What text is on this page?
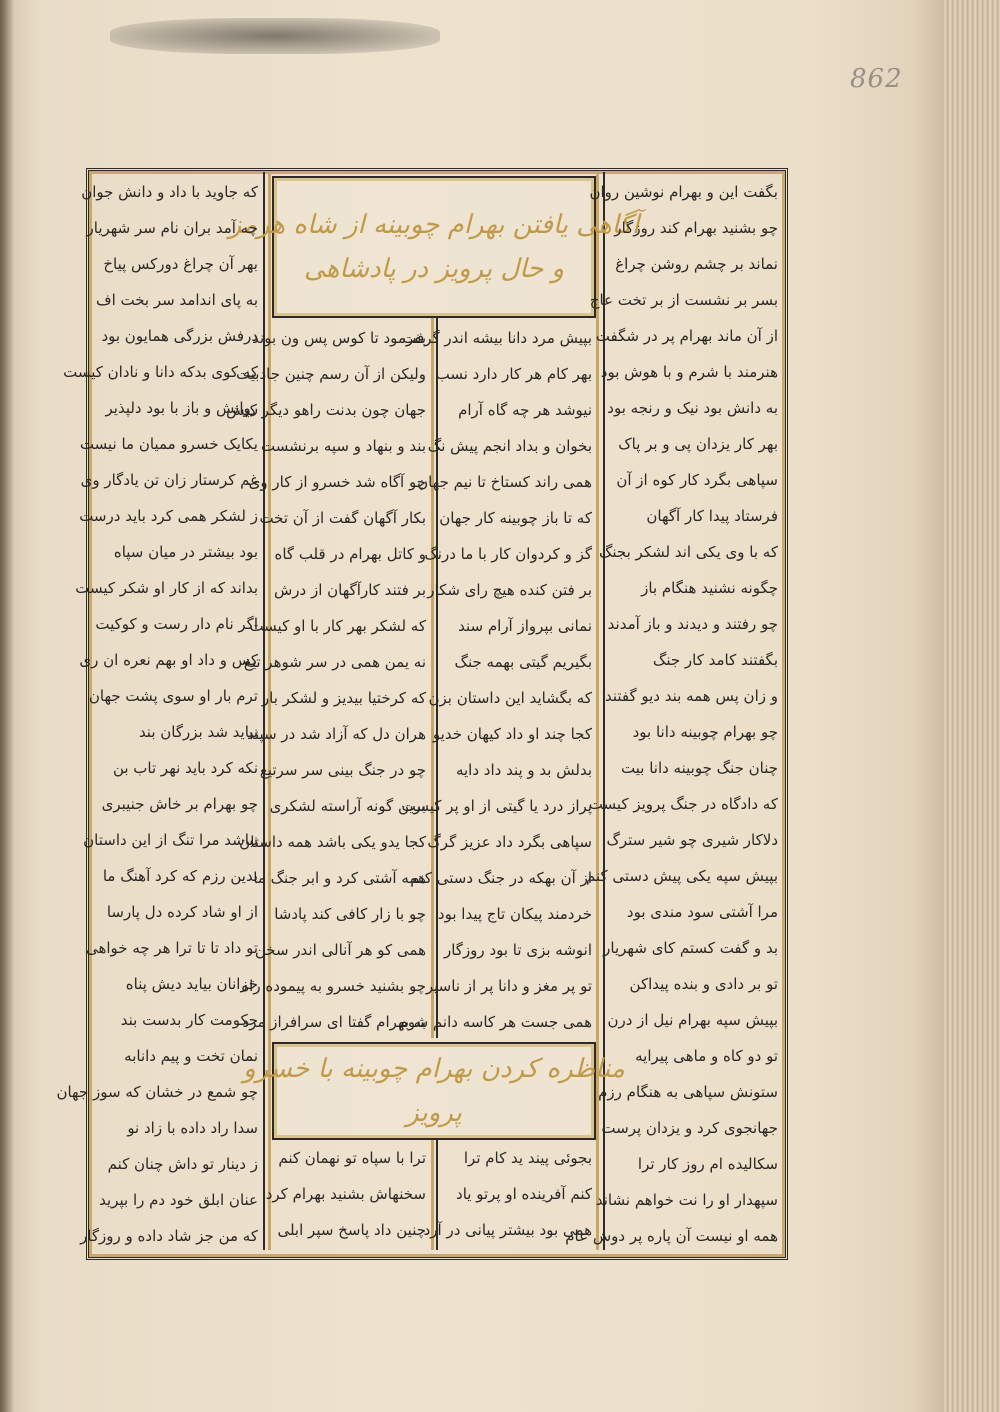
862
آگاهی یافتن بهرام چوبینه از شاه هرمز
و حال پرویز در پادشاهی
مناظره کردن بهرام چوبینه با خسرو
پرویز
بگفت این و بهرام نوشین روان
چو بشنید بهرام کند روزگار
نماند بر چشم روشن چراغ
بسر بر نشست از بر تخت عاج
از آن ماند بهرام پر در شگفت
هنرمند با شرم و با هوش بود
به دانش بود نیک و رنجه بود
بهر کار یزدان پی و بر پاک
سپاهی بگرد کار کوه از آن
فرستاد پیدا کار آگهان
که با وی یکی اند لشکر بجنگ
چگونه نشنید هنگام باز
چو رفتند و دیدند و باز آمدند
بگفتند کامد کار جنگ
و زان پس همه بند دیو گفتند
چو بهرام چوبینه دانا بود
چنان جنگ چوبینه دانا بیت
که دادگاه در جنگ پرویز کیست
دلاکار شیری چو شیر سترگ
بپیش سپه یکی پیش دستی کنم
مرا آشتی سود مندی بود
بد و گفت کستم کای شهریار
تو بر دادی و بنده پیداکن
بپیش سپه بهرام نیل از درن
تو دو کاه و ماهی پیرایه
ستونش سپاهی به هنگام رزم
جهانجوی کرد و یزدان پرست
سکالیده ام روز کار ترا
سپهدار او را نت خواهم نشاند
همه او نیست آن پاره پر دوش عام
بپیش مرد دانا بیشه اندر گرفت
بهر کام هر کار دارد نسب
نیوشد هر چه گاه آرام
بخوان و بداد انجم پیش نگ
همی راند کستاخ تا نیم جهان
که تا باز چوبینه کار جهان
گز و کردوان کار با ما درنگ
بر فتن کنده هیچ رای شکار
نمانی بپرواز آرام سند
بگیریم گیتی بهمه جنگ
که بگشاید این داستان بزن
کجا چند او داد کیهان خدیو
بدلش بد و پند داد دایه
پراز درد یا گیتی از او پر کیست
سپاهی بگرد داد عزیز گرگ
از آن بهکه در جنگ دستی کنم
خردمند پیکان تاج پیدا بود
انوشه بزی تا بود روزگار
تو پر مغز و دانا پر از ناسپر
همی جست هر کاسه دانم شوم
بجوئی پیند ید کام ترا
کنم آفرینده او پرتو یاد
همی بود بیشتر پیانی در آرد
بفرمود تا کوس پس ون بوند
ولیکن از آن رسم چنین جادبیت
جهان چون بدنت راهو دیگر کیش
بند و بنهاد و سپه برنشست
چو آگاه شد خسرو از کار وی
بکار آگهان گفت از آن تخت
و کاتل بهرام در قلب گاه
بر فتند کارآگهان از درش
که لشکر بهر کار با او کیست
نه یمن همی در سر شوهر تیغ
که کرختیا بیدیز و لشکر بار
هران دل که آزاد شد در سپند
چو در جنگ بینی سر سرتیغ
برین گونه آراسته لشکری
کجا یدو یکی باشد همه داستان
همه آشتی کرد و ابر جنگ ما
چو با زار کافی کند پادشا
همی کو هر آنالی اندر سخن
چو بشنید خسرو به پیموده راه
به بهرام گفتا ای سرافراز مرد
ترا با سپاه تو نهمان کنم
سخنهاش بشنید بهرام کرد
چنین داد پاسخ سپر ابلی
که جاوید با داد و دانش جوان
چه آمد بران نام سر شهریار
بهر آن چراغ دورکس پیاخ
به پای اندامد سر بخت اف
درفش بزرگی همایون بود
که کوی بدکه دانا و نادان کیست
روانش و باز با بود دلپذیر
یکایک خسرو ممیان ما نیست
غم کرستار زان تن یادگار وی
ز لشکر همی کرد باید درست
بود بیشتر در میان سپاه
بداند که از کار او شکر کیست
اگر نام دار رست و کوکیت
کس و داد او بهم نعره ان ری
ترم بار او سوی پشت جهان
نباید شد بزرگان بند
نکه کرد باید نهر تاب بن
چو بهرام بر خاش جنیبری
نباشد مرا تنگ از این داستان
بدین رزم که کرد آهنگ ما
از او شاد کرده دل پارسا
تو داد تا تا ترا هر چه خواهی
خزانان بیاید دیش پناه
حکومت کار بدست بند
نمان تخت و پیم دانابه
چو شمع در خشان که سوز جهان
سدا راد داده با زاد نو
ز دینار تو داش چنان کنم
عنان ابلق خود دم را بپرید
که من جز شاد داده و روزگار
